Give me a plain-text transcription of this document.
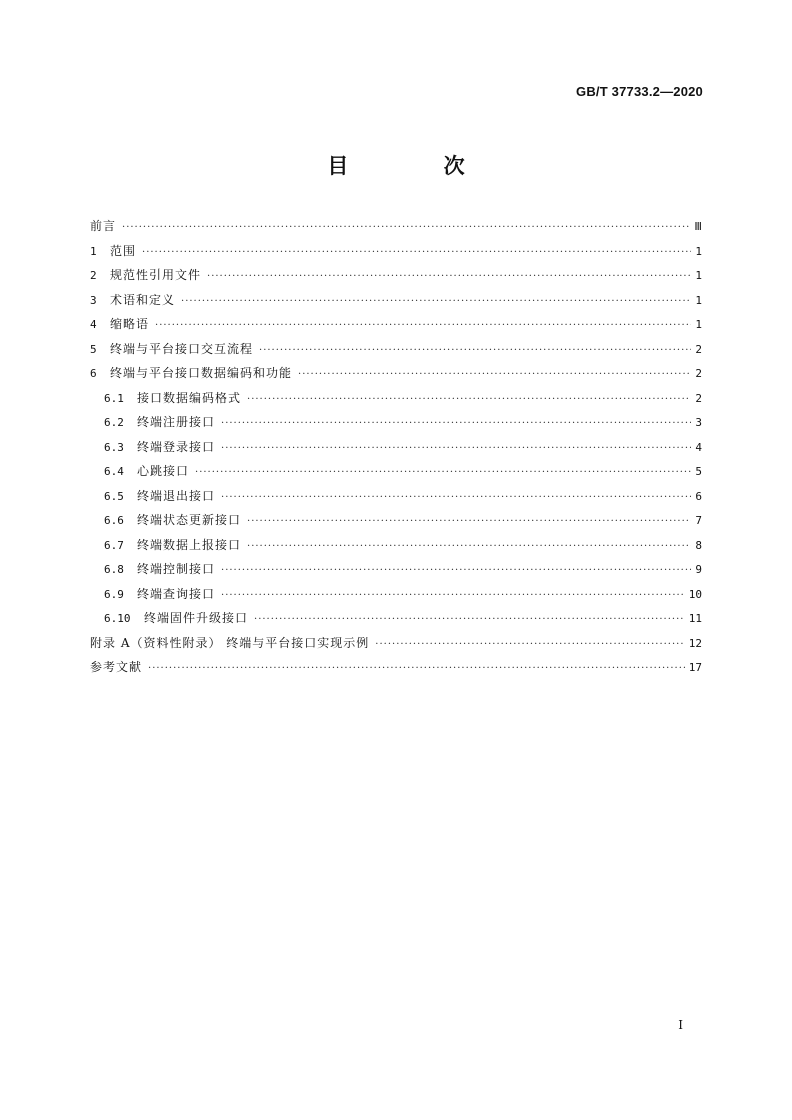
GB/T 37733.2—2020
目 次
前言 ·····	Ⅲ
1	范围 ·····	1
2	规范性引用文件 ·····	1
3	术语和定义 ·····	1
4	缩略语 ·····	1
5	终端与平台接口交互流程 ·····	2
6	终端与平台接口数据编码和功能 ·····	2
6.1	接口数据编码格式 ·····	2
6.2	终端注册接口 ·····	3
6.3	终端登录接口 ·····	4
6.4	心跳接口 ·····	5
6.5	终端退出接口 ·····	6
6.6	终端状态更新接口 ·····	7
6.7	终端数据上报接口 ·····	8
6.8	终端控制接口 ·····	9
6.9	终端查询接口 ·····	10
6.10	终端固件升级接口 ·····	11
附录 A（资料性附录） 终端与平台接口实现示例 ·····	12
参考文献 ·····	17
I
